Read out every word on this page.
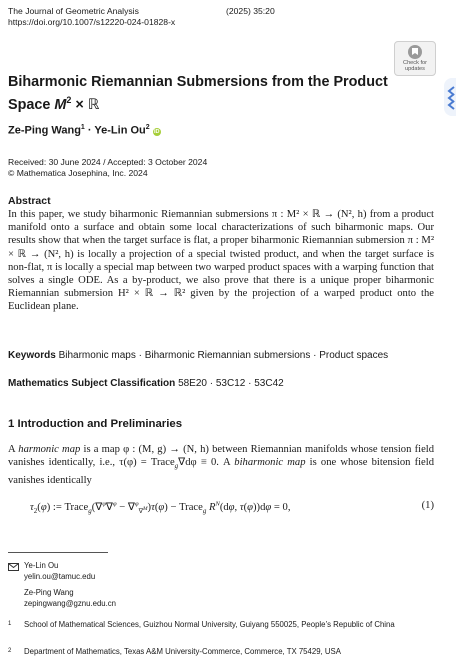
The Journal of Geometric Analysis	(2025) 35:20
https://doi.org/10.1007/s12220-024-01828-x
Check for
updates
Biharmonic Riemannian Submersions from the Product
Space $M^2$ × ℝ
Ze-Ping Wang$^1$ · Ye-Lin Ou$^2$ iD
Received: 30 June 2024 / Accepted: 3 October 2024
© Mathematica Josephina, Inc. 2024
Abstract

In this paper, we study biharmonic Riemannian submersions π : M² × ℝ → (N², h) from a product manifold onto a surface and obtain some local characterizations of such biharmonic maps. Our results show that when the target surface is flat, a proper biharmonic Riemannian submersion π : M² × ℝ → (N², h) is locally a projection of a special twisted product, and when the target surface is non-flat, π is locally a special map between two warped product spaces with a warping function that solves a single ODE. As a by-product, we also prove that there is a unique proper biharmonic Riemannian submersion H² × ℝ → ℝ² given by the projection of a warped product onto the Euclidean plane.

Keywords Biharmonic maps · Biharmonic Riemannian submersions · Product spaces
Mathematics Subject Classification 58E20 · 53C12 · 53C42
1 Introduction and Preliminaries

A harmonic map is a map φ : (M, g) → (N, h) between Riemannian manifolds whose tension field vanishes identically, i.e., τ(φ) = Trace$_g$∇dφ ≡ 0. A biharmonic map is one whose bitension field vanishes identically

$\tau_2(\varphi)$ := Trace$_g$(∇$^\varphi$∇$^\varphi$ − ∇$^\varphi_{\nabla^M}$)τ(φ) − Trace$_g$ $R^N(d\varphi$, τ(φ))dφ = 0,	(1)
Ye-Lin Ou
yelin.ou@tamuc.edu
Ze-Ping Wang
zepingwang@gznu.edu.cn
1 School of Mathematical Sciences, Guizhou Normal University, Guiyang 550025, People’s Republic of China
2 Department of Mathematics, Texas A&M University-Commerce, Commerce, TX 75429, USA
